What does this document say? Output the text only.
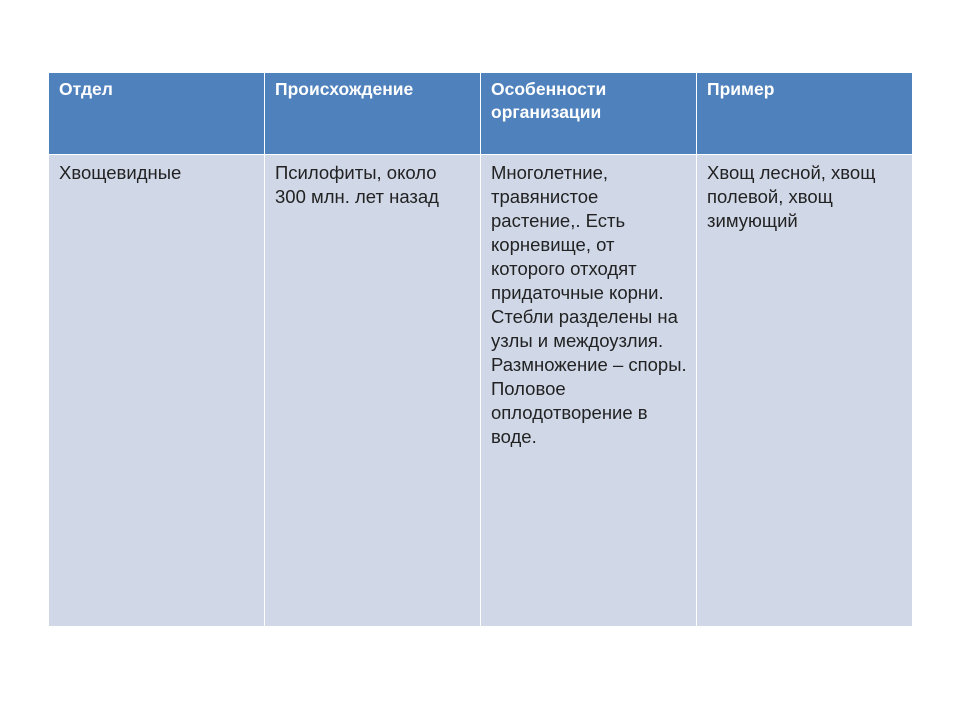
Отдел	Происхождение	Особенности организации	Пример
Хвощевидные	Псилофиты, около 300 млн. лет назад	Многолетние, травянистое растение,. Есть корневище, от которого отходят придаточные корни. Стебли разделены на узлы и междоузлия. Размножение – споры. Половое оплодотворение в воде.	Хвощ лесной, хвощ полевой, хвощ зимующий
